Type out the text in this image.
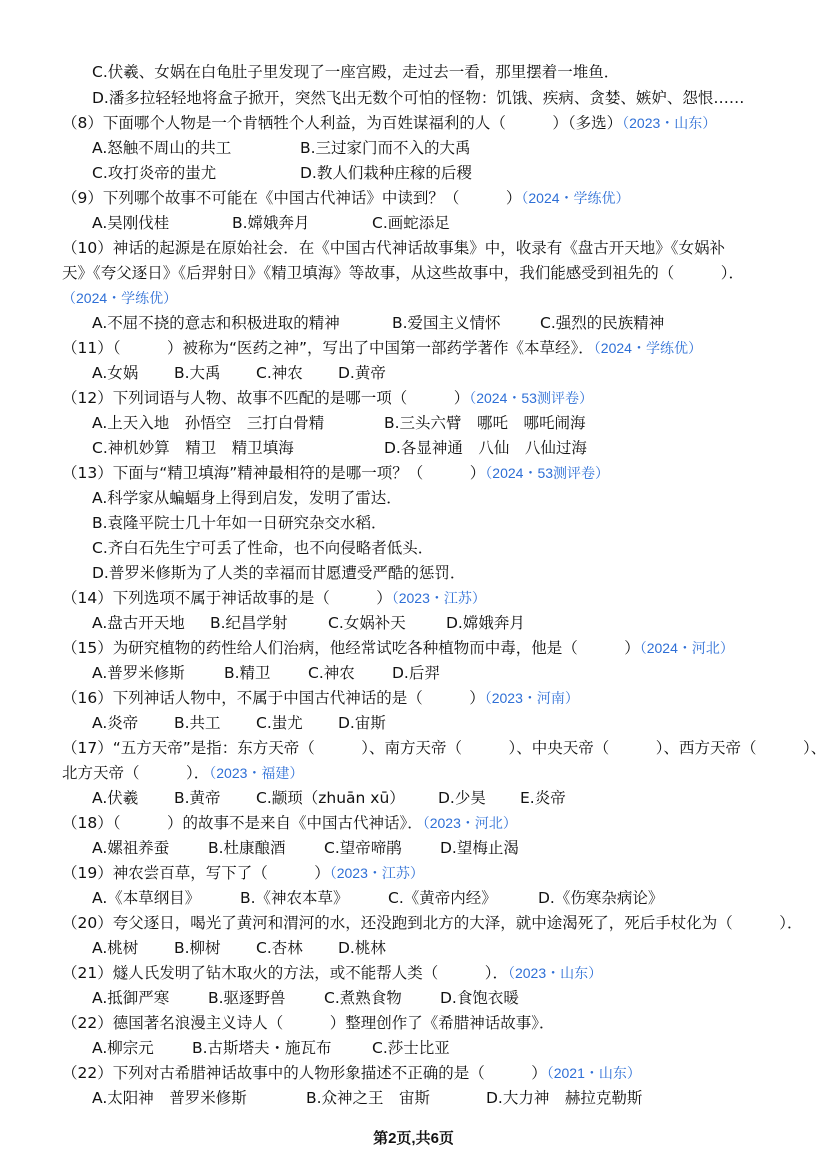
C.伏羲、女娲在白龟肚子里发现了一座宫殿，走过去一看，那里摆着一堆鱼．
D.潘多拉轻轻地将盒子掀开，突然飞出无数个可怕的怪物：饥饿、疾病、贪婪、嫉妒、怨恨……
（8）下面哪个人物是一个肯牺牲个人利益，为百姓谋福利的人（　　　）（多选）（2023・山东）
A.怒触不周山的共工	B.三过家门而不入的大禹
C.攻打炎帝的蚩尤	D.教人们栽种庄稼的后稷
（9）下列哪个故事不可能在《中国古代神话》中读到？（　　　）（2024・学练优）
A.吴刚伐桂	B.嫦娥奔月	C.画蛇添足
（10）神话的起源是在原始社会．在《中国古代神话故事集》中，收录有《盘古开天地》《女娲补
天》《夸父逐日》《后羿射日》《精卫填海》等故事，从这些故事中，我们能感受到祖先的（　　　）．
（2024・学练优）
A.不屈不挠的意志和积极进取的精神	B.爱国主义情怀	C.强烈的民族精神
（11）（　　　）被称为“医药之神”，写出了中国第一部药学著作《本草经》．（2024・学练优）
A.女娲	B.大禹	C.神农	D.黄帝
（12）下列词语与人物、故事不匹配的是哪一项（　　　）（2024・53测评卷）
A.上天入地　孙悟空　三打白骨精	B.三头六臂　哪吒　哪吒闹海
C.神机妙算　精卫　精卫填海	D.各显神通　八仙　八仙过海
（13）下面与“精卫填海”精神最相符的是哪一项？（　　　）（2024・53测评卷）
A.科学家从蝙蝠身上得到启发，发明了雷达．
B.袁隆平院士几十年如一日研究杂交水稻．
C.齐白石先生宁可丢了性命，也不向侵略者低头．
D.普罗米修斯为了人类的幸福而甘愿遭受严酷的惩罚．
（14）下列选项不属于神话故事的是（　　　）（2023・江苏）
A.盘古开天地	B.纪昌学射	C.女娲补天	D.嫦娥奔月
（15）为研究植物的药性给人们治病，他经常试吃各种植物而中毒，他是（　　　）（2024・河北）
A.普罗米修斯	B.精卫	C.神农	D.后羿
（16）下列神话人物中，不属于中国古代神话的是（　　　）（2023・河南）
A.炎帝	B.共工	C.蚩尤	D.宙斯
（17）“五方天帝”是指：东方天帝（　　　）、南方天帝（　　　）、中央天帝（　　　）、西方天帝（　　　）、
北方天帝（　　　）．（2023・福建）
A.伏羲	B.黄帝	C.颛顼（zhuān xū）	D.少昊	E.炎帝
（18）（　　　）的故事不是来自《中国古代神话》．（2023・河北）
A.嫘祖养蚕	B.杜康酿酒	C.望帝啼鹃	D.望梅止渴
（19）神农尝百草，写下了（　　　）（2023・江苏）
A.《本草纲目》	B.《神农本草》	C.《黄帝内经》	D.《伤寒杂病论》
（20）夸父逐日，喝光了黄河和渭河的水，还没跑到北方的大泽，就中途渴死了，死后手杖化为（　　　）．
A.桃树	B.柳树	C.杏林	D.桃林
（21）燧人氏发明了钻木取火的方法，或不能帮人类（　　　）．（2023・山东）
A.抵御严寒	B.驱逐野兽	C.煮熟食物	D.食饱衣暖
（22）德国著名浪漫主义诗人（　　　）整理创作了《希腊神话故事》．
A.柳宗元	B.古斯塔夫・施瓦布	C.莎士比亚
（22）下列对古希腊神话故事中的人物形象描述不正确的是（　　　）（2021・山东）
A.太阳神　普罗米修斯	B.众神之王　宙斯	D.大力神　赫拉克勒斯
第2页,共6页
